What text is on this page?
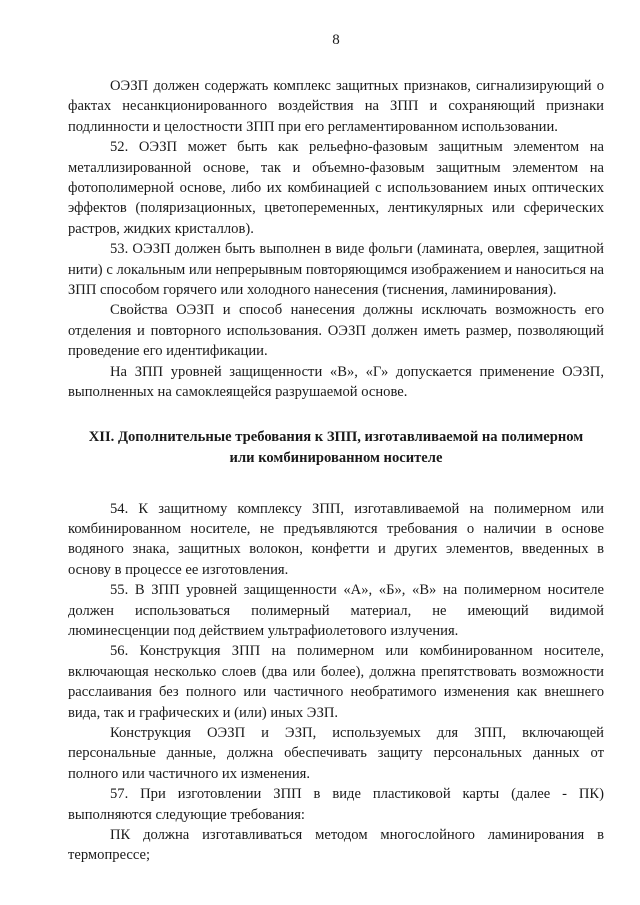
8

ОЭЗП должен содержать комплекс защитных признаков, сигнализирующий о фактах несанкционированного воздействия на ЗПП и сохраняющий признаки подлинности и целостности ЗПП при его регламентированном использовании.

52. ОЭЗП может быть как рельефно-фазовым защитным элементом на металлизированной основе, так и объемно-фазовым защитным элементом на фотополимерной основе, либо их комбинацией с использованием иных оптических эффектов (поляризационных, цветопеременных, лентикулярных или сферических растров, жидких кристаллов).

53. ОЭЗП должен быть выполнен в виде фольги (ламината, оверлея, защитной нити) с локальным или непрерывным повторяющимся изображением и наноситься на ЗПП способом горячего или холодного нанесения (тиснения, ламинирования).

Свойства ОЭЗП и способ нанесения должны исключать возможность его отделения и повторного использования. ОЭЗП должен иметь размер, позволяющий проведение его идентификации.

На ЗПП уровней защищенности «В», «Г» допускается применение ОЭЗП, выполненных на самоклеящейся разрушаемой основе.

XII. Дополнительные требования к ЗПП, изготавливаемой на полимерном
или комбинированном носителе

54. К защитному комплексу ЗПП, изготавливаемой на полимерном или комбинированном носителе, не предъявляются требования о наличии в основе водяного знака, защитных волокон, конфетти и других элементов, введенных в основу в процессе ее изготовления.

55. В ЗПП уровней защищенности «А», «Б», «В» на полимерном носителе должен использоваться полимерный материал, не имеющий видимой люминесценции под действием ультрафиолетового излучения.

56. Конструкция ЗПП на полимерном или комбинированном носителе, включающая несколько слоев (два или более), должна препятствовать возможности расслаивания без полного или частичного необратимого изменения как внешнего вида, так и графических и (или) иных ЭЗП.

Конструкция ОЭЗП и ЭЗП, используемых для ЗПП, включающей персональные данные, должна обеспечивать защиту персональных данных от полного или частичного их изменения.

57. При изготовлении ЗПП в виде пластиковой карты (далее - ПК) выполняются следующие требования:

ПК должна изготавливаться методом многослойного ламинирования в термопрессе;
